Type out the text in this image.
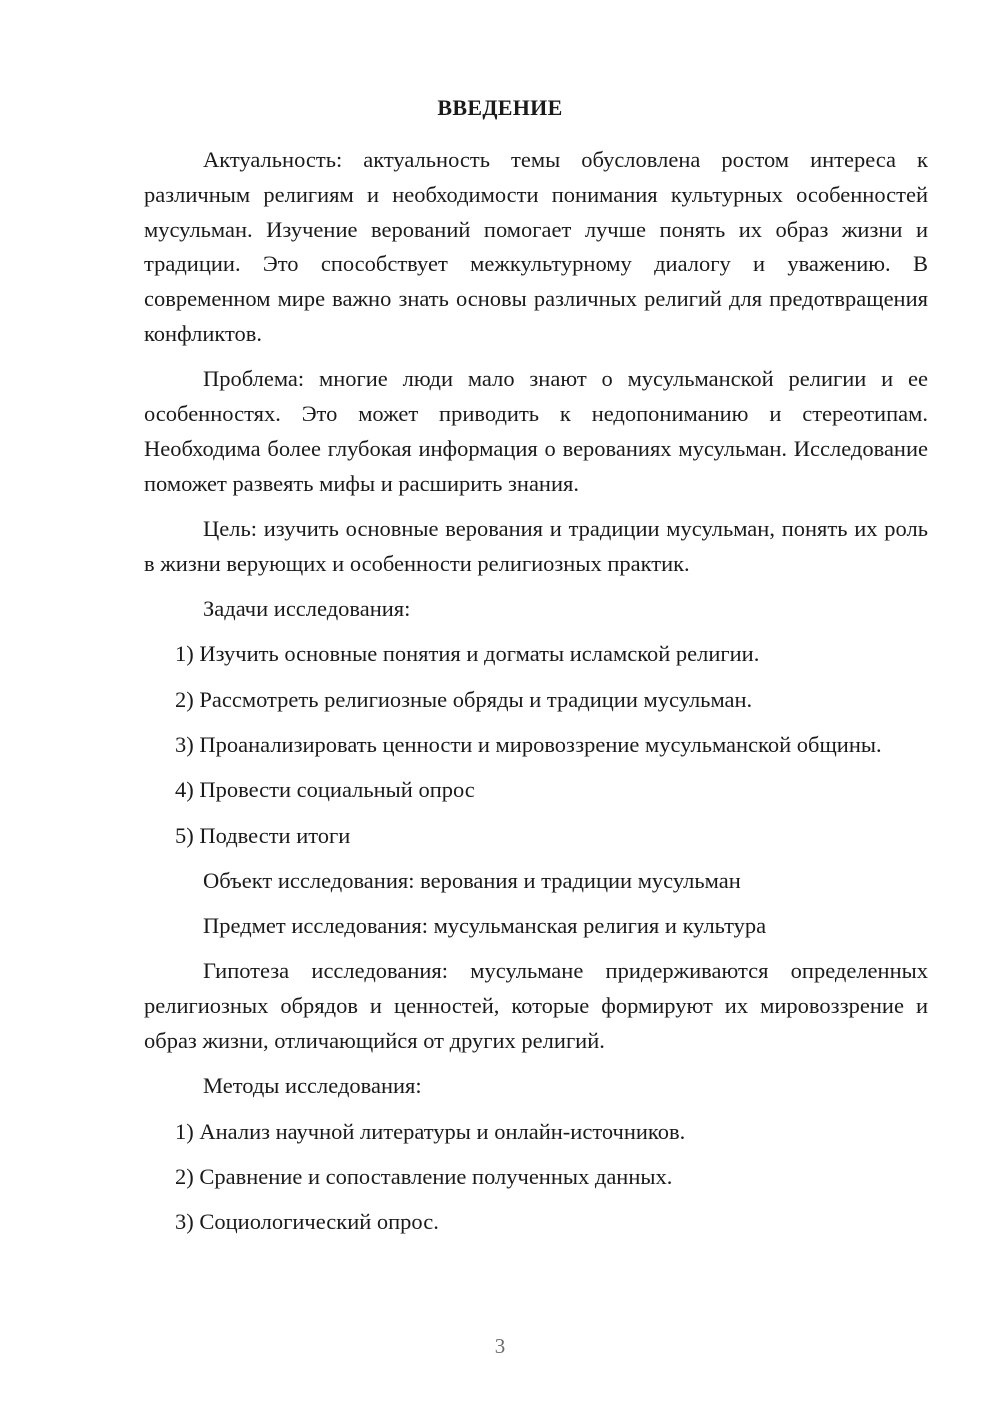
ВВЕДЕНИЕ

Актуальность: актуальность темы обусловлена ростом интереса к различным религиям и необходимости понимания культурных особенностей мусульман. Изучение верований помогает лучше понять их образ жизни и традиции. Это способствует межкультурному диалогу и уважению. В современном мире важно знать основы различных религий для предотвращения конфликтов.

Проблема: многие люди мало знают о мусульманской религии и ее особенностях. Это может приводить к недопониманию и стереотипам. Необходима более глубокая информация о верованиях мусульман. Исследование поможет развеять мифы и расширить знания.

Цель: изучить основные верования и традиции мусульман, понять их роль в жизни верующих и особенности религиозных практик.

Задачи исследования:

1) Изучить основные понятия и догматы исламской религии.

2) Рассмотреть религиозные обряды и традиции мусульман.

3) Проанализировать ценности и мировоззрение мусульманской общины.

4) Провести социальный опрос

5) Подвести итоги

Объект исследования: верования и традиции мусульман

Предмет исследования: мусульманская религия и культура

Гипотеза исследования: мусульмане придерживаются определенных религиозных обрядов и ценностей, которые формируют их мировоззрение и образ жизни, отличающийся от других религий.

Методы исследования:

1) Анализ научной литературы и онлайн-источников.

2) Сравнение и сопоставление полученных данных.

3) Социологический опрос.

3
